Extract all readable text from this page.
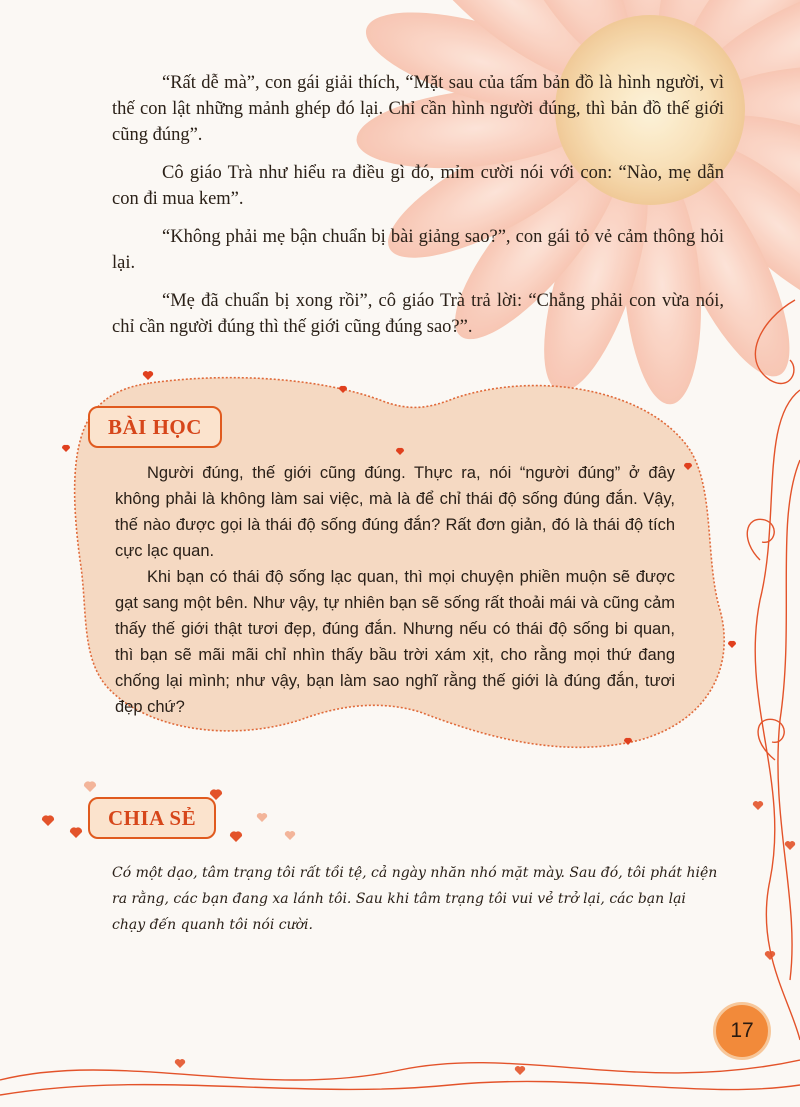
“Rất dễ mà”, con gái giải thích, “Mặt sau của tấm bản đồ là hình người, vì thế con lật những mảnh ghép đó lại. Chỉ cần hình người đúng, thì bản đồ thế giới cũng đúng”.

Cô giáo Trà như hiểu ra điều gì đó, mỉm cười nói với con: “Nào, mẹ dẫn con đi mua kem”.

“Không phải mẹ bận chuẩn bị bài giảng sao?”, con gái tỏ vẻ cảm thông hỏi lại.

“Mẹ đã chuẩn bị xong rồi”, cô giáo Trà trả lời: “Chẳng phải con vừa nói, chỉ cần người đúng thì thế giới cũng đúng sao?”.

BÀI HỌC

Người đúng, thế giới cũng đúng. Thực ra, nói “người đúng” ở đây không phải là không làm sai việc, mà là để chỉ thái độ sống đúng đắn. Vậy, thế nào được gọi là thái độ sống đúng đắn? Rất đơn giản, đó là thái độ tích cực lạc quan.

Khi bạn có thái độ sống lạc quan, thì mọi chuyện phiền muộn sẽ được gạt sang một bên. Như vậy, tự nhiên bạn sẽ sống rất thoải mái và cũng cảm thấy thế giới thật tươi đẹp, đúng đắn. Nhưng nếu có thái độ sống bi quan, thì bạn sẽ mãi mãi chỉ nhìn thấy bầu trời xám xịt, cho rằng mọi thứ đang chống lại mình; như vậy, bạn làm sao nghĩ rằng thế giới là đúng đắn, tươi đẹp chứ?

CHIA SẺ

Có một dạo, tâm trạng tôi rất tồi tệ, cả ngày nhăn nhó mặt mày. Sau đó, tôi phát hiện ra rằng, các bạn đang xa lánh tôi. Sau khi tâm trạng tôi vui vẻ trở lại, các bạn lại chạy đến quanh tôi nói cười.

17
